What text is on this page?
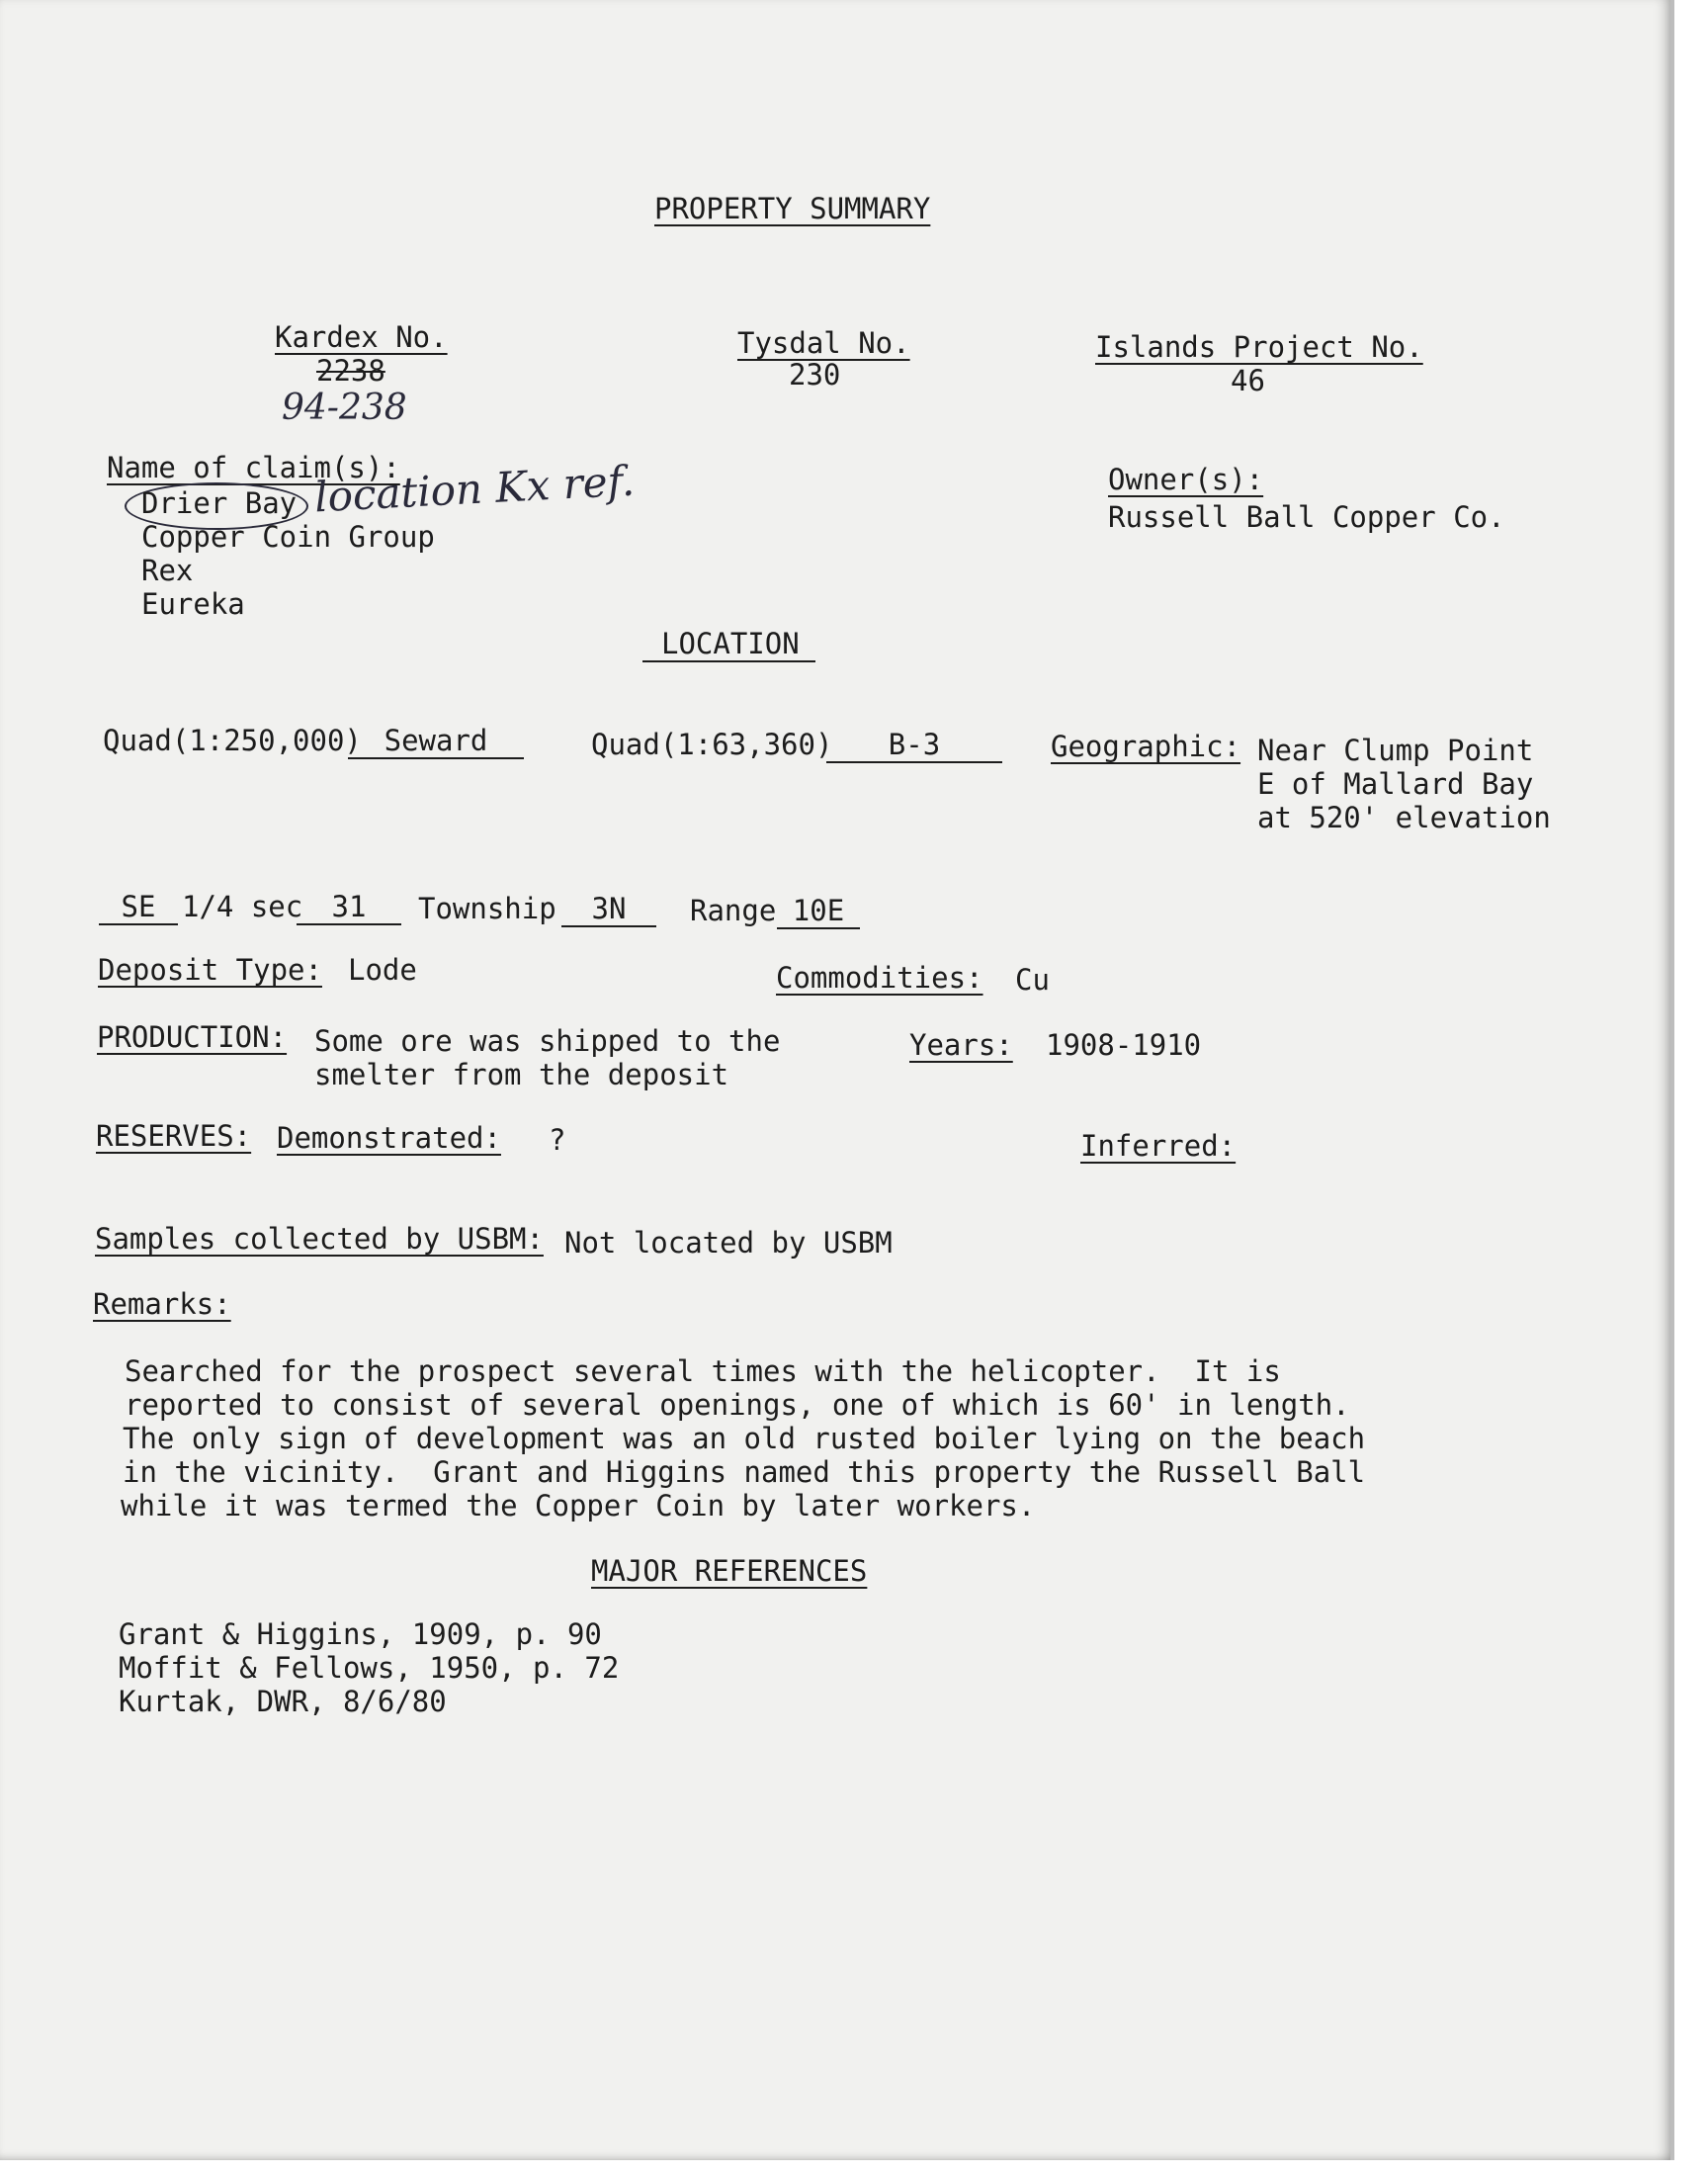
PROPERTY SUMMARY
Kardex No.
2238
94-238
Tysdal No.
230
Islands Project No.
46
Name of claim(s):
Drier Bay location Kx ref.
Copper Coin Group
Rex
Eureka
Owner(s):
Russell Ball Copper Co.
LOCATION
Quad(1:250,000) Seward	Quad(1:63,360)	B-3	Geographic: Near Clump Point
E of Mallard Bay
at 520' elevation
SE 1/4 sec	31	Township	3N	Range 10E
Deposit Type: Lode	Commodities: Cu
PRODUCTION: Some ore was shipped to the
smelter from the deposit
Years: 1908-1910
RESERVES: Demonstrated: ?	Inferred:
Samples collected by USBM: Not located by USBM
Remarks:
Searched for the prospect several times with the helicopter.  It is
reported to consist of several openings, one of which is 60' in length.
The only sign of development was an old rusted boiler lying on the beach
in the vicinity.  Grant and Higgins named this property the Russell Ball
while it was termed the Copper Coin by later workers.
MAJOR REFERENCES
Grant & Higgins, 1909, p. 90
Moffit & Fellows, 1950, p. 72
Kurtak, DWR, 8/6/80
